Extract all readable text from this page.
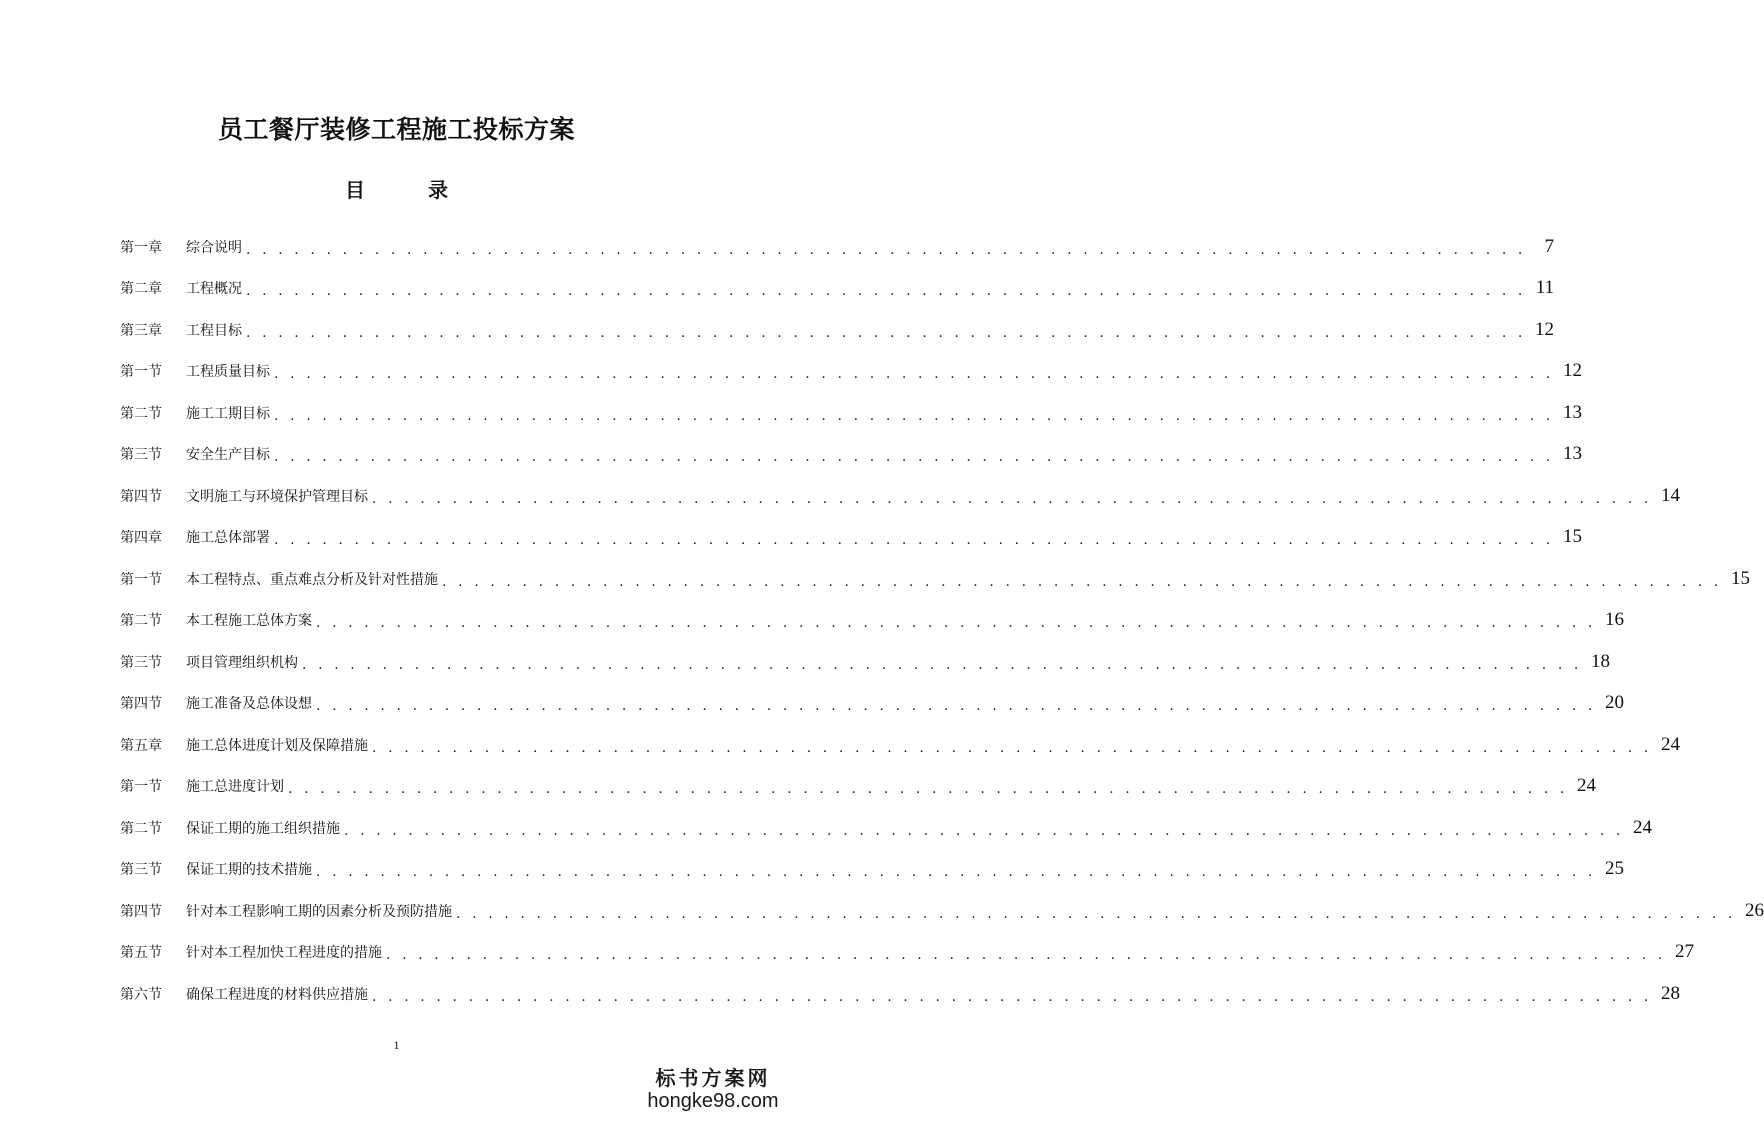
员工餐厅装修工程施工投标方案
目 录
第一章	综合说明 . . . . . . . . . . . . . . . . . . . . . . . . . . . . . . . . . . . . . . . . . . . . . . . . . . . . . . . . . . . . . . . . . . . . . . . . . . . . . . . . 7
第二章	工程概况 . . . . . . . . . . . . . . . . . . . . . . . . . . . . . . . . . . . . . . . . . . . . . . . . . . . . . . . . . . . . . . . . . . . . . . . . . . . . . . . . 11
第三章	工程目标 . . . . . . . . . . . . . . . . . . . . . . . . . . . . . . . . . . . . . . . . . . . . . . . . . . . . . . . . . . . . . . . . . . . . . . . . . . . . . . . . 12
第一节	工程质量目标 . . . . . . . . . . . . . . . . . . . . . . . . . . . . . . . . . . . . . . . . . . . . . . . . . . . . . . . . . . . . . . . . . . . . . . . . . . . . . . . . 12
第二节	施工工期目标 . . . . . . . . . . . . . . . . . . . . . . . . . . . . . . . . . . . . . . . . . . . . . . . . . . . . . . . . . . . . . . . . . . . . . . . . . . . . . . . . 13
第三节	安全生产目标 . . . . . . . . . . . . . . . . . . . . . . . . . . . . . . . . . . . . . . . . . . . . . . . . . . . . . . . . . . . . . . . . . . . . . . . . . . . . . . . . 13
第四节	文明施工与环境保护管理目标 . . . . . . . . . . . . . . . . . . . . . . . . . . . . . . . . . . . . . . . . . . . . . . . . . . . . . . . . . . . . . . . . . . . . . . . . . . . . . . . . 14
第四章	施工总体部署 . . . . . . . . . . . . . . . . . . . . . . . . . . . . . . . . . . . . . . . . . . . . . . . . . . . . . . . . . . . . . . . . . . . . . . . . . . . . . . . . 15
第一节	本工程特点、重点难点分析及针对性措施 . . . . . . . . . . . . . . . . . . . . . . . . . . . . . . . . . . . . . . . . . . . . . . . . . . . . . . . . . . . . . . . . . . . . . . . . . . . . . . . . 15
第二节	本工程施工总体方案 . . . . . . . . . . . . . . . . . . . . . . . . . . . . . . . . . . . . . . . . . . . . . . . . . . . . . . . . . . . . . . . . . . . . . . . . . . . . . . . . 16
第三节	项目管理组织机构 . . . . . . . . . . . . . . . . . . . . . . . . . . . . . . . . . . . . . . . . . . . . . . . . . . . . . . . . . . . . . . . . . . . . . . . . . . . . . . . . 18
第四节	施工准备及总体设想 . . . . . . . . . . . . . . . . . . . . . . . . . . . . . . . . . . . . . . . . . . . . . . . . . . . . . . . . . . . . . . . . . . . . . . . . . . . . . . . . 20
第五章	施工总体进度计划及保障措施 . . . . . . . . . . . . . . . . . . . . . . . . . . . . . . . . . . . . . . . . . . . . . . . . . . . . . . . . . . . . . . . . . . . . . . . . . . . . . . . . 24
第一节	施工总进度计划 . . . . . . . . . . . . . . . . . . . . . . . . . . . . . . . . . . . . . . . . . . . . . . . . . . . . . . . . . . . . . . . . . . . . . . . . . . . . . . . . 24
第二节	保证工期的施工组织措施 . . . . . . . . . . . . . . . . . . . . . . . . . . . . . . . . . . . . . . . . . . . . . . . . . . . . . . . . . . . . . . . . . . . . . . . . . . . . . . . . 24
第三节	保证工期的技术措施 . . . . . . . . . . . . . . . . . . . . . . . . . . . . . . . . . . . . . . . . . . . . . . . . . . . . . . . . . . . . . . . . . . . . . . . . . . . . . . . . 25
第四节	针对本工程影响工期的因素分析及预防措施 . . . . . . . . . . . . . . . . . . . . . . . . . . . . . . . . . . . . . . . . . . . . . . . . . . . . . . . . . . . . . . . . . . . . . . . . . . . . . . . . 26
第五节	针对本工程加快工程进度的措施 . . . . . . . . . . . . . . . . . . . . . . . . . . . . . . . . . . . . . . . . . . . . . . . . . . . . . . . . . . . . . . . . . . . . . . . . . . . . . . . . 27
第六节	确保工程进度的材料供应措施 . . . . . . . . . . . . . . . . . . . . . . . . . . . . . . . . . . . . . . . . . . . . . . . . . . . . . . . . . . . . . . . . . . . . . . . . . . . . . . . . 28
1
标书方案网
hongke98.com
